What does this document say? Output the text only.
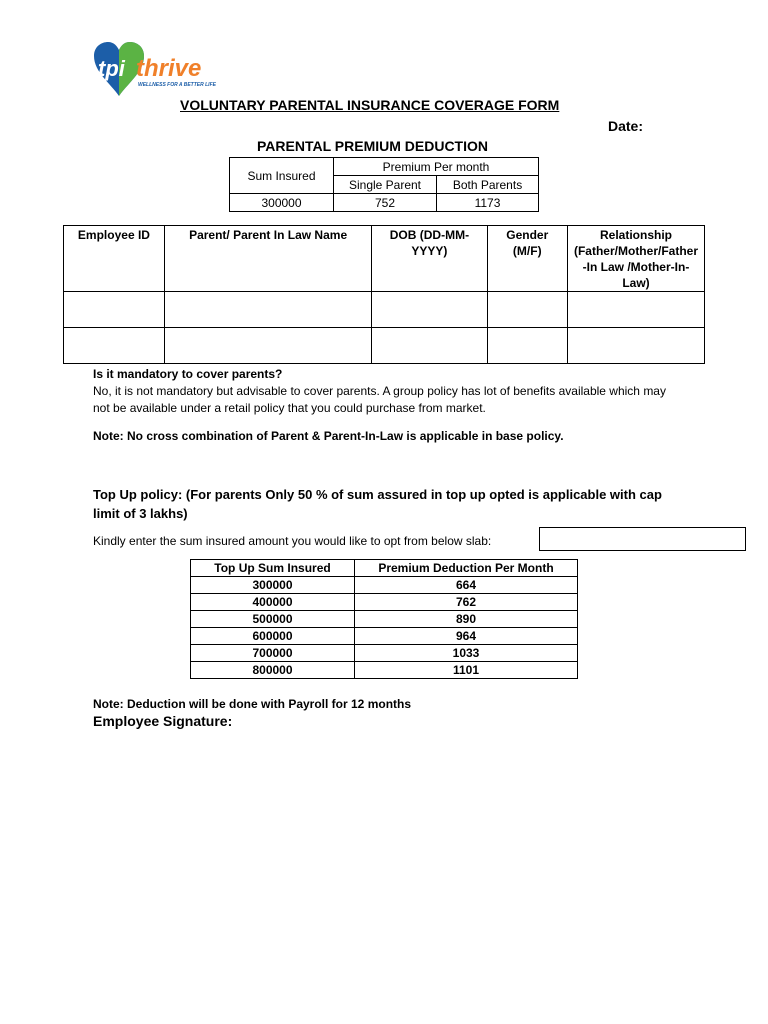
tpi thrive
WELLNESS FOR A BETTER LIFE
VOLUNTARY PARENTAL INSURANCE COVERAGE FORM
Date:
PARENTAL PREMIUM DEDUCTION
Sum Insured	Premium Per month	
	Single Parent	Both Parents
300000	752	1173
Employee ID	Parent/ Parent In Law Name	DOB (DD-MM-YYYY)	Gender (M/F)	Relationship (Father/Mother/Father -In Law /Mother-In-Law)

Is it mandatory to cover parents?
No, it is not mandatory but advisable to cover parents. A group policy has lot of benefits available which may not be available under a retail policy that you could purchase from market.
Note: No cross combination of Parent & Parent-In-Law is applicable in base policy.
Top Up policy: (For parents Only 50 % of sum assured in top up opted is applicable with cap limit of 3 lakhs)
Kindly enter the sum insured amount you would like to opt from below slab:
Top Up Sum Insured	Premium Deduction Per Month
300000	664
400000	762
500000	890
600000	964
700000	1033
800000	1101
Note: Deduction will be done with Payroll for 12 months
Employee Signature:
